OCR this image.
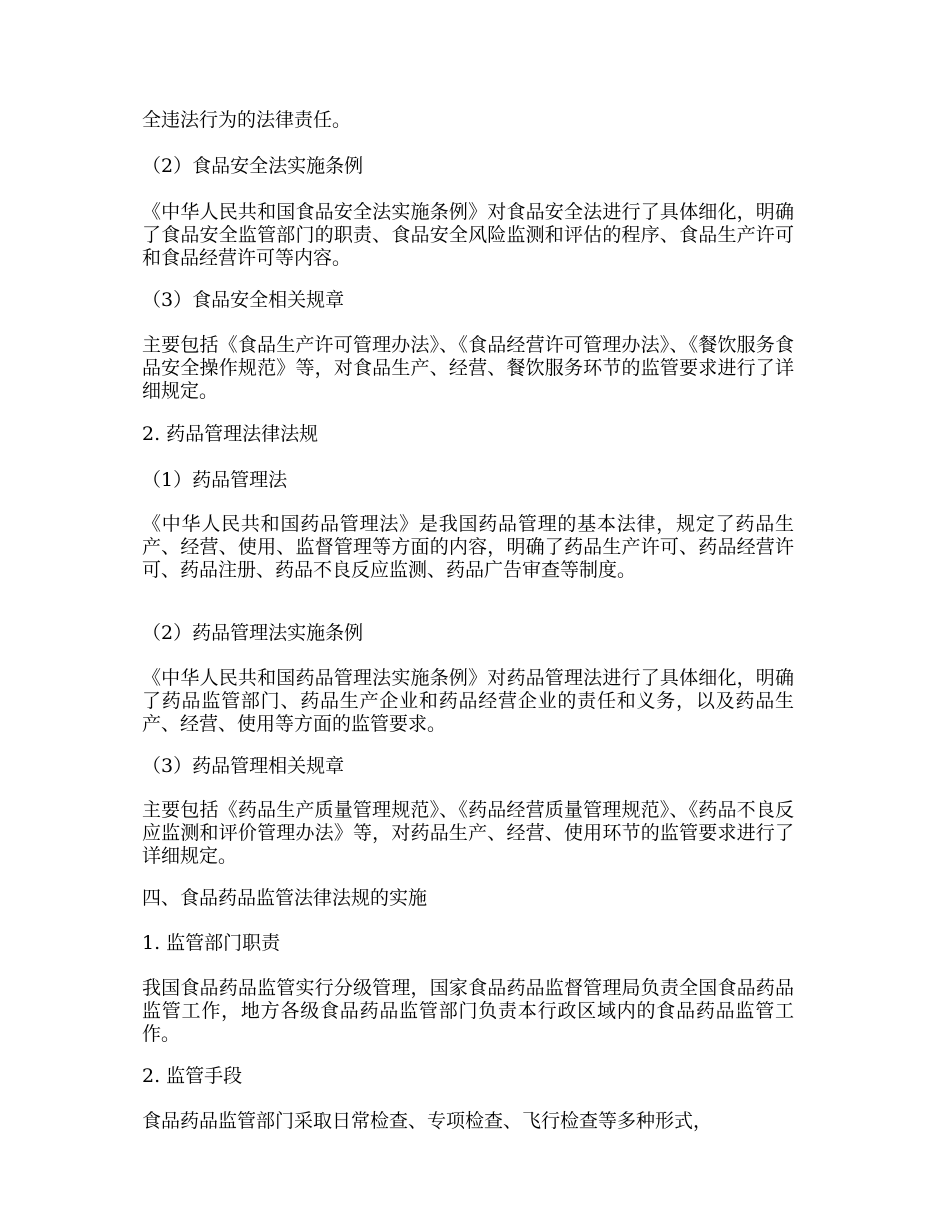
全违法行为的法律责任。

（2）食品安全法实施条例

《中华人民共和国食品安全法实施条例》对食品安全法进行了具体细化，明确了食品安全监管部门的职责、食品安全风险监测和评估的程序、食品生产许可和食品经营许可等内容。

（3）食品安全相关规章

主要包括《食品生产许可管理办法》、《食品经营许可管理办法》、《餐饮服务食品安全操作规范》等，对食品生产、经营、餐饮服务环节的监管要求进行了详细规定。

2. 药品管理法律法规

（1）药品管理法

《中华人民共和国药品管理法》是我国药品管理的基本法律，规定了药品生产、经营、使用、监督管理等方面的内容，明确了药品生产许可、药品经营许可、药品注册、药品不良反应监测、药品广告审查等制度。

（2）药品管理法实施条例

《中华人民共和国药品管理法实施条例》对药品管理法进行了具体细化，明确了药品监管部门、药品生产企业和药品经营企业的责任和义务，以及药品生产、经营、使用等方面的监管要求。

（3）药品管理相关规章

主要包括《药品生产质量管理规范》、《药品经营质量管理规范》、《药品不良反应监测和评价管理办法》等，对药品生产、经营、使用环节的监管要求进行了详细规定。

四、食品药品监管法律法规的实施

1. 监管部门职责

我国食品药品监管实行分级管理，国家食品药品监督管理局负责全国食品药品监管工作，地方各级食品药品监管部门负责本行政区域内的食品药品监管工作。

2. 监管手段

食品药品监管部门采取日常检查、专项检查、飞行检查等多种形式，
